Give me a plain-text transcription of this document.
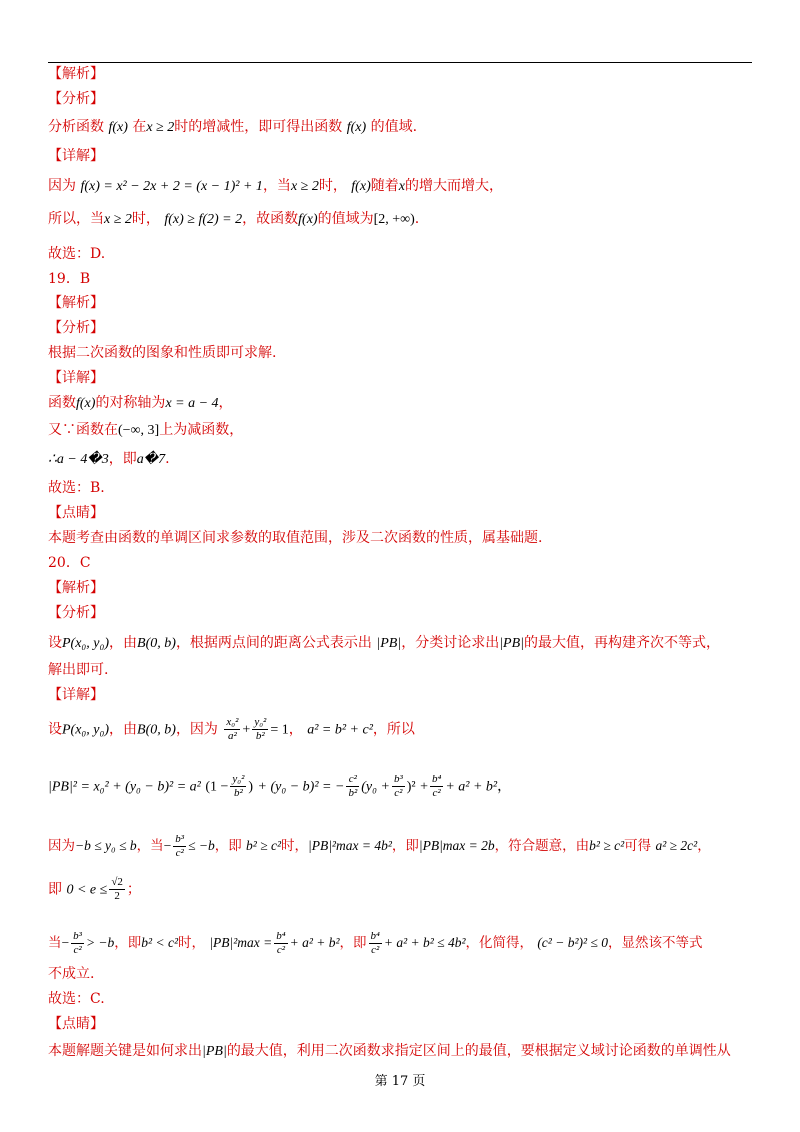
【解析】
【分析】
分析函数 f(x) 在x ≥ 2时的增减性，即可得出函数 f(x) 的值域.
【详解】
因为 f(x) = x² − 2x + 2 = (x − 1)² + 1，当x ≥ 2时， f(x)随着x的增大而增大，
所以，当x ≥ 2时， f(x) ≥ f(2) = 2，故函数f(x)的值域为[2, +∞).
故选：D.
19．B
【解析】
【分析】
根据二次函数的图象和性质即可求解.
【详解】
函数f(x)的对称轴为x = a − 4，
又∵函数在(−∞, 3]上为减函数，
∴a − 4�3，即a�7.
故选：B.
【点睛】
本题考查由函数的单调区间求参数的取值范围，涉及二次函数的性质，属基础题.
20．C
【解析】
【分析】
设P(x₀, y₀)，由B(0, b)，根据两点间的距离公式表示出 |PB|，分类讨论求出|PB|的最大值，再构建齐次不等式，
解出即可.
【详解】
设P(x₀, y₀)，由B(0, b)，因为 $\frac{\text{x₀²}}{\text{a²}} + \frac{\text{y₀²}}{\text{b²}} = 1$， a² = b² + c²，所以
|PB|² = x₀² + (y₀ − b)² = a² ($1 - \frac{\text{y₀²}}{\text{b²}}$ ) + (y₀ − b)² = − $\frac{\text{c²}}{\text{b²}} (y_0 + \frac{\text{b³}}{\text{c²}} )^2 + \frac{\text{b⁴}}{\text{c²}} + a^2 + b^2$，
因为−b ≤ y₀ ≤ b，当− $\frac{\text{b³}}{\text{c²}} \le -b$，即 b² ≥ c²时，|PB|²max = 4b²，即|PB|max = 2b，符合题意，由b² ≥ c²可得 a² ≥ 2c²，
即 $0 < e \le \frac{√2}{2}$ ；
当− $\frac{\text{b³}}{\text{c²}} > -b$，即b² < c²时， $|PB|^2\max = \frac{\text{b⁴}}{\text{c²}} + a^2 + b^2$，即 $\frac{\text{b⁴}}{\text{c²}} + a^2 + b^2 \le 4b^2$，化简得， (c² − b²)² ≤ 0，显然该不等式
不成立.
故选：C.
【点睛】
本题解题关键是如何求出|PB|的最大值，利用二次函数求指定区间上的最值，要根据定义域讨论函数的单调性从
第 17 页
